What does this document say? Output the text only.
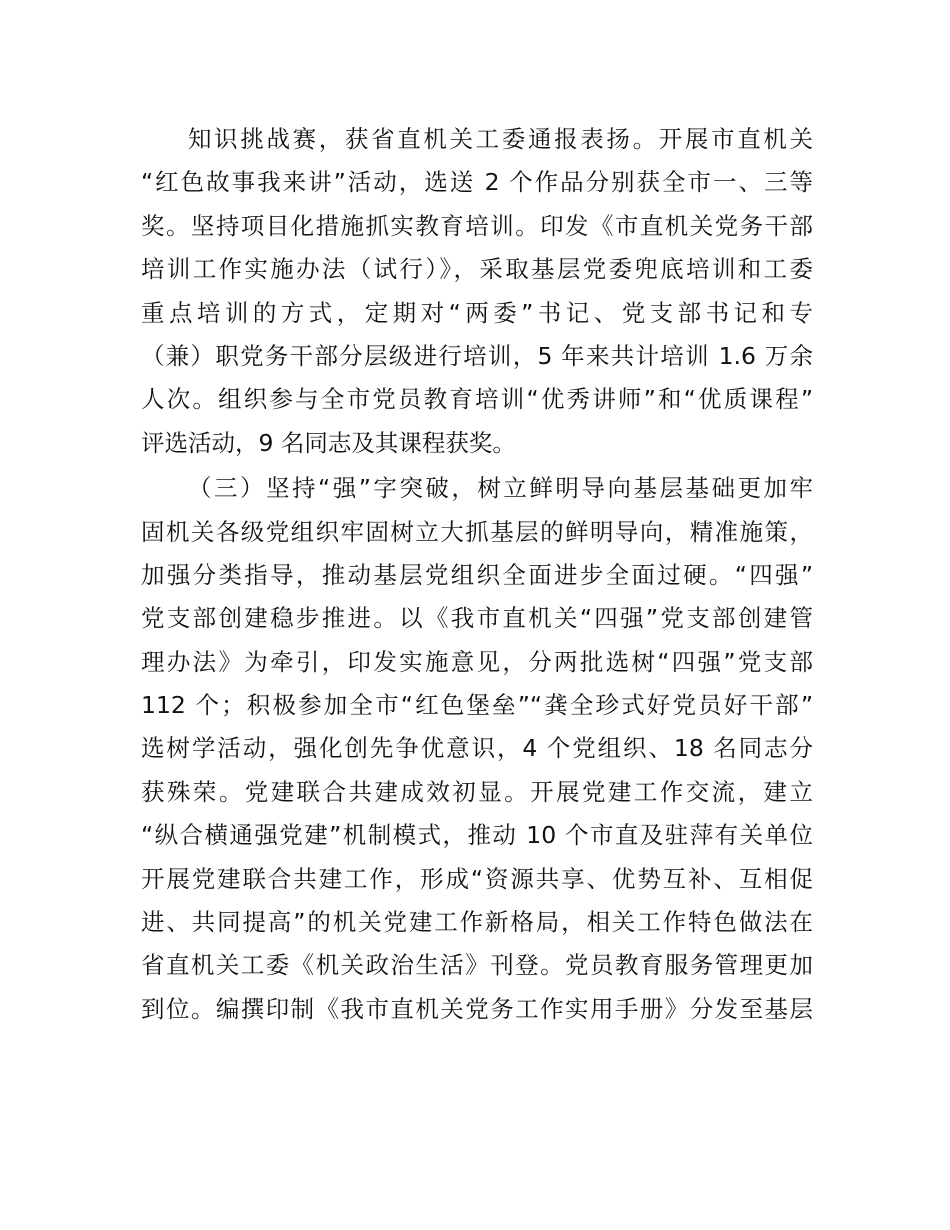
知识挑战赛，获省直机关工委通报表扬。开展市直机关
“红色故事我来讲”活动，选送 2 个作品分别获全市一、三等
奖。坚持项目化措施抓实教育培训。印发《市直机关党务干部
培训工作实施办法（试行）》，采取基层党委兜底培训和工委
重点培训的方式，定期对“两委”书记、党支部书记和专
（兼）职党务干部分层级进行培训，5 年来共计培训 1.6 万余
人次。组织参与全市党员教育培训“优秀讲师”和“优质课程”
评选活动，9 名同志及其课程获奖。
（三）坚持“强”字突破，树立鲜明导向基层基础更加牢
固机关各级党组织牢固树立大抓基层的鲜明导向，精准施策，
加强分类指导，推动基层党组织全面进步全面过硬。“四强”
党支部创建稳步推进。以《我市直机关“四强”党支部创建管
理办法》为牵引，印发实施意见，分两批选树“四强”党支部
112 个；积极参加全市“红色堡垒”“龚全珍式好党员好干部”
选树学活动，强化创先争优意识，4 个党组织、18 名同志分
获殊荣。党建联合共建成效初显。开展党建工作交流，建立
“纵合横通强党建”机制模式，推动 10 个市直及驻萍有关单位
开展党建联合共建工作，形成“资源共享、优势互补、互相促
进、共同提高”的机关党建工作新格局，相关工作特色做法在
省直机关工委《机关政治生活》刊登。党员教育服务管理更加
到位。编撰印制《我市直机关党务工作实用手册》分发至基层
